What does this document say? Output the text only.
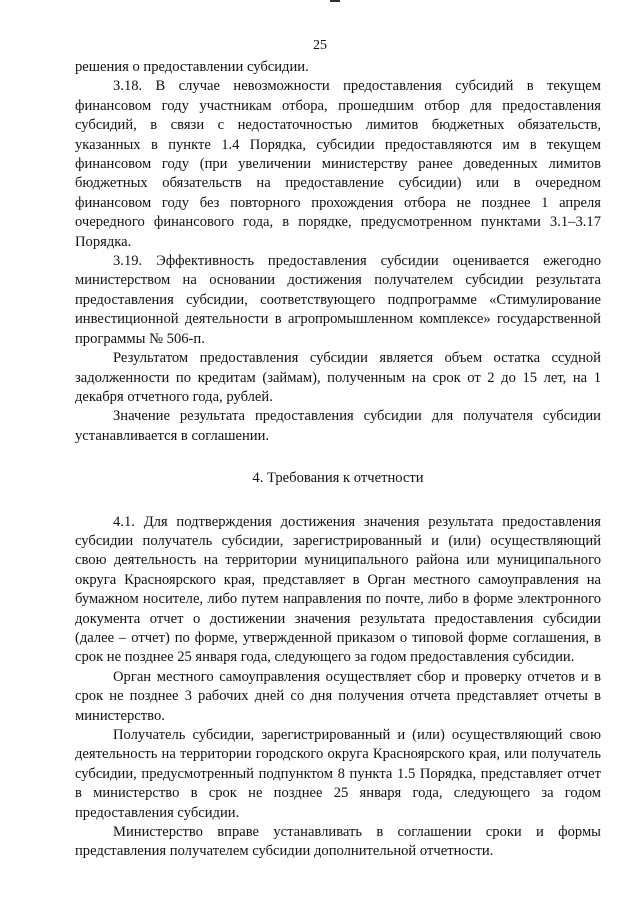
25

решения о предоставлении субсидии.

3.18. В случае невозможности предоставления субсидий в текущем финансовом году участникам отбора, прошедшим отбор для предоставления субсидий, в связи с недостаточностью лимитов бюджетных обязательств, указанных в пункте 1.4 Порядка, субсидии предоставляются им в текущем финансовом году (при увеличении министерству ранее доведенных лимитов бюджетных обязательств на предоставление субсидии) или в очередном финансовом году без повторного прохождения отбора не позднее 1 апреля очередного финансового года, в порядке, предусмотренном пунктами 3.1–3.17 Порядка.

3.19. Эффективность предоставления субсидии оценивается ежегодно министерством на основании достижения получателем субсидии результата предоставления субсидии, соответствующего подпрограмме «Стимулирование инвестиционной деятельности в агропромышленном комплексе» государственной программы № 506-п.

Результатом предоставления субсидии является объем остатка ссудной задолженности по кредитам (займам), полученным на срок от 2 до 15 лет, на 1 декабря отчетного года, рублей.

Значение результата предоставления субсидии для получателя субсидии устанавливается в соглашении.

4. Требования к отчетности

4.1. Для подтверждения достижения значения результата предоставления субсидии получатель субсидии, зарегистрированный и (или) осуществляющий свою деятельность на территории муниципального района или муниципального округа Красноярского края, представляет в Орган местного самоуправления на бумажном носителе, либо путем направления по почте, либо в форме электронного документа отчет о достижении значения результата предоставления субсидии (далее – отчет) по форме, утвержденной приказом о типовой форме соглашения, в срок не позднее 25 января года, следующего за годом предоставления субсидии.

Орган местного самоуправления осуществляет сбор и проверку отчетов и в срок не позднее 3 рабочих дней со дня получения отчета представляет отчеты в министерство.

Получатель субсидии, зарегистрированный и (или) осуществляющий свою деятельность на территории городского округа Красноярского края, или получатель субсидии, предусмотренный подпунктом 8 пункта 1.5 Порядка, представляет отчет в министерство в срок не позднее 25 января года, следующего за годом предоставления субсидии.

Министерство вправе устанавливать в соглашении сроки и формы представления получателем субсидии дополнительной отчетности.
